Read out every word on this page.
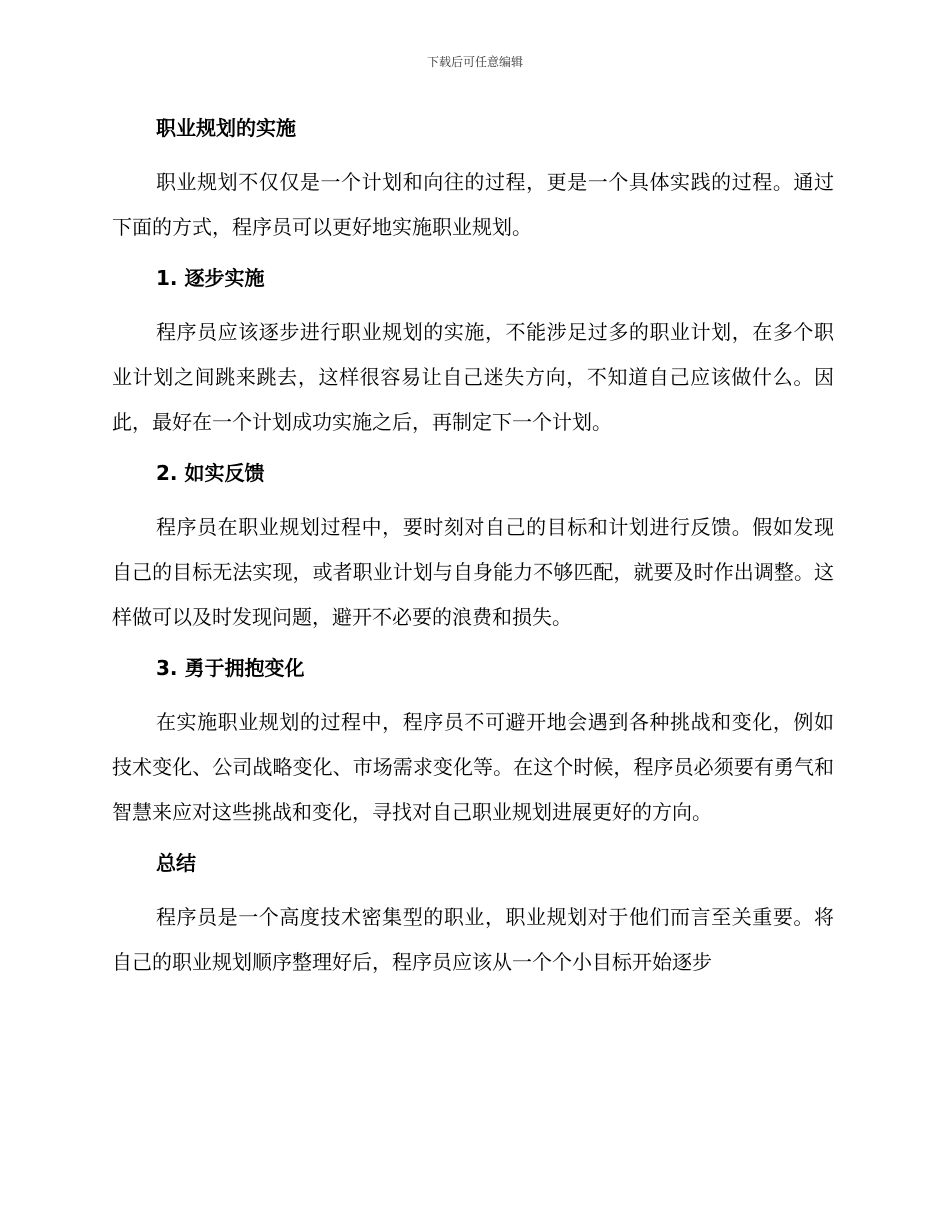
下载后可任意编辑
职业规划的实施

职业规划不仅仅是一个计划和向往的过程，更是一个具体实践的过程。通过下面的方式，程序员可以更好地实施职业规划。

1. 逐步实施

程序员应该逐步进行职业规划的实施，不能涉足过多的职业计划，在多个职业计划之间跳来跳去，这样很容易让自己迷失方向，不知道自己应该做什么。因此，最好在一个计划成功实施之后，再制定下一个计划。

2. 如实反馈

程序员在职业规划过程中，要时刻对自己的目标和计划进行反馈。假如发现自己的目标无法实现，或者职业计划与自身能力不够匹配，就要及时作出调整。这样做可以及时发现问题，避开不必要的浪费和损失。

3. 勇于拥抱变化

在实施职业规划的过程中，程序员不可避开地会遇到各种挑战和变化，例如技术变化、公司战略变化、市场需求变化等。在这个时候，程序员必须要有勇气和智慧来应对这些挑战和变化，寻找对自己职业规划进展更好的方向。

总结

程序员是一个高度技术密集型的职业，职业规划对于他们而言至关重要。将自己的职业规划顺序整理好后，程序员应该从一个个小目标开始逐步
